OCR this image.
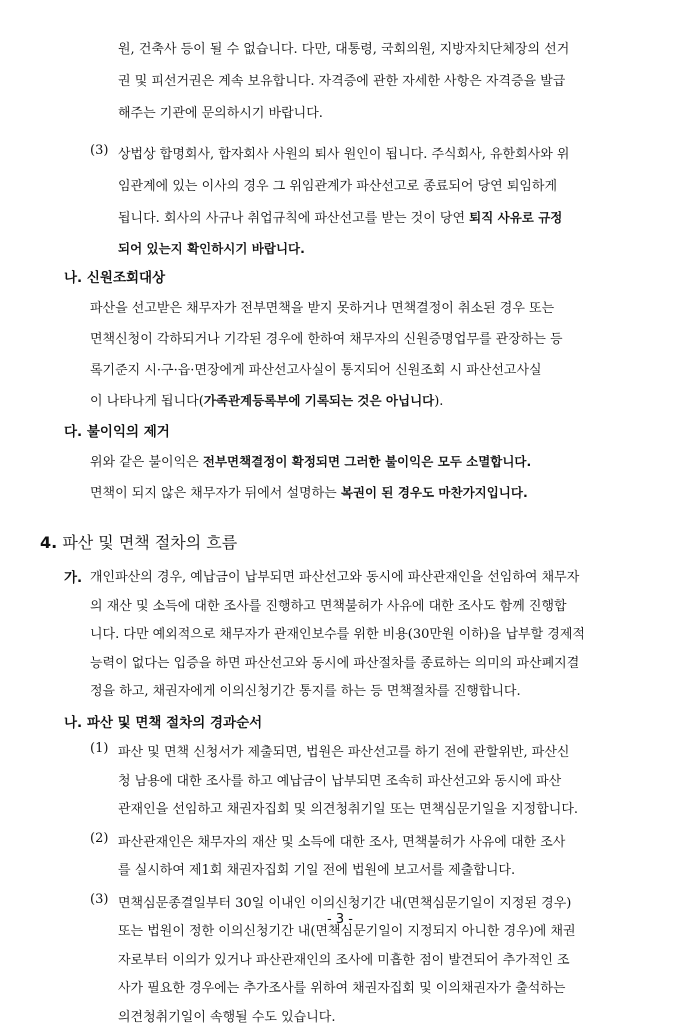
원, 건축사 등이 될 수 없습니다. 다만, 대통령, 국회의원, 지방자치단체장의 선거
권 및 피선거권은 계속 보유합니다. 자격증에 관한 자세한 사항은 자격증을 발급
해주는 기관에 문의하시기 바랍니다.
(3) 상법상 합명회사, 합자회사 사원의 퇴사 원인이 됩니다. 주식회사, 유한회사와 위
임관계에 있는 이사의 경우 그 위임관계가 파산선고로 종료되어 당연 퇴임하게
됩니다. 회사의 사규나 취업규칙에 파산선고를 받는 것이 당연 퇴직 사유로 규정
되어 있는지 확인하시기 바랍니다.
나. 신원조회대상
파산을 선고받은 채무자가 전부면책을 받지 못하거나 면책결정이 취소된 경우 또는
면책신청이 각하되거나 기각된 경우에 한하여 채무자의 신원증명업무를 관장하는 등
록기준지 시·구·읍·면장에게 파산선고사실이 통지되어 신원조회 시 파산선고사실
이 나타나게 됩니다(가족관계등록부에 기록되는 것은 아닙니다).
다. 불이익의 제거
위와 같은 불이익은 전부면책결정이 확정되면 그러한 불이익은 모두 소멸합니다.
면책이 되지 않은 채무자가 뒤에서 설명하는 복권이 된 경우도 마찬가지입니다.
4. 파산 및 면책 절차의 흐름
가. 개인파산의 경우, 예납금이 납부되면 파산선고와 동시에 파산관재인을 선임하여 채무자
의 재산 및 소득에 대한 조사를 진행하고 면책불허가 사유에 대한 조사도 함께 진행합
니다. 다만 예외적으로 채무자가 관재인보수를 위한 비용(30만원 이하)을 납부할 경제적
능력이 없다는 입증을 하면 파산선고와 동시에 파산절차를 종료하는 의미의 파산폐지결
정을 하고, 채권자에게 이의신청기간 통지를 하는 등 면책절차를 진행합니다.
나. 파산 및 면책 절차의 경과순서
(1) 파산 및 면책 신청서가 제출되면, 법원은 파산선고를 하기 전에 관할위반, 파산신
청 남용에 대한 조사를 하고 예납금이 납부되면 조속히 파산선고와 동시에 파산
관재인을 선임하고 채권자집회 및 의견청취기일 또는 면책심문기일을 지정합니다.
(2) 파산관재인은 채무자의 재산 및 소득에 대한 조사, 면책불허가 사유에 대한 조사
를 실시하여 제1회 채권자집회 기일 전에 법원에 보고서를 제출합니다.
(3) 면책심문종결일부터 30일 이내인 이의신청기간 내(면책심문기일이 지정된 경우)
또는 법원이 정한 이의신청기간 내(면책심문기일이 지정되지 아니한 경우)에 채권
자로부터 이의가 있거나 파산관재인의 조사에 미흡한 점이 발견되어 추가적인 조
- 3 -
사가 필요한 경우에는 추가조사를 위하여 채권자집회 및 이의채권자가 출석하는
의견청취기일이 속행될 수도 있습니다.
